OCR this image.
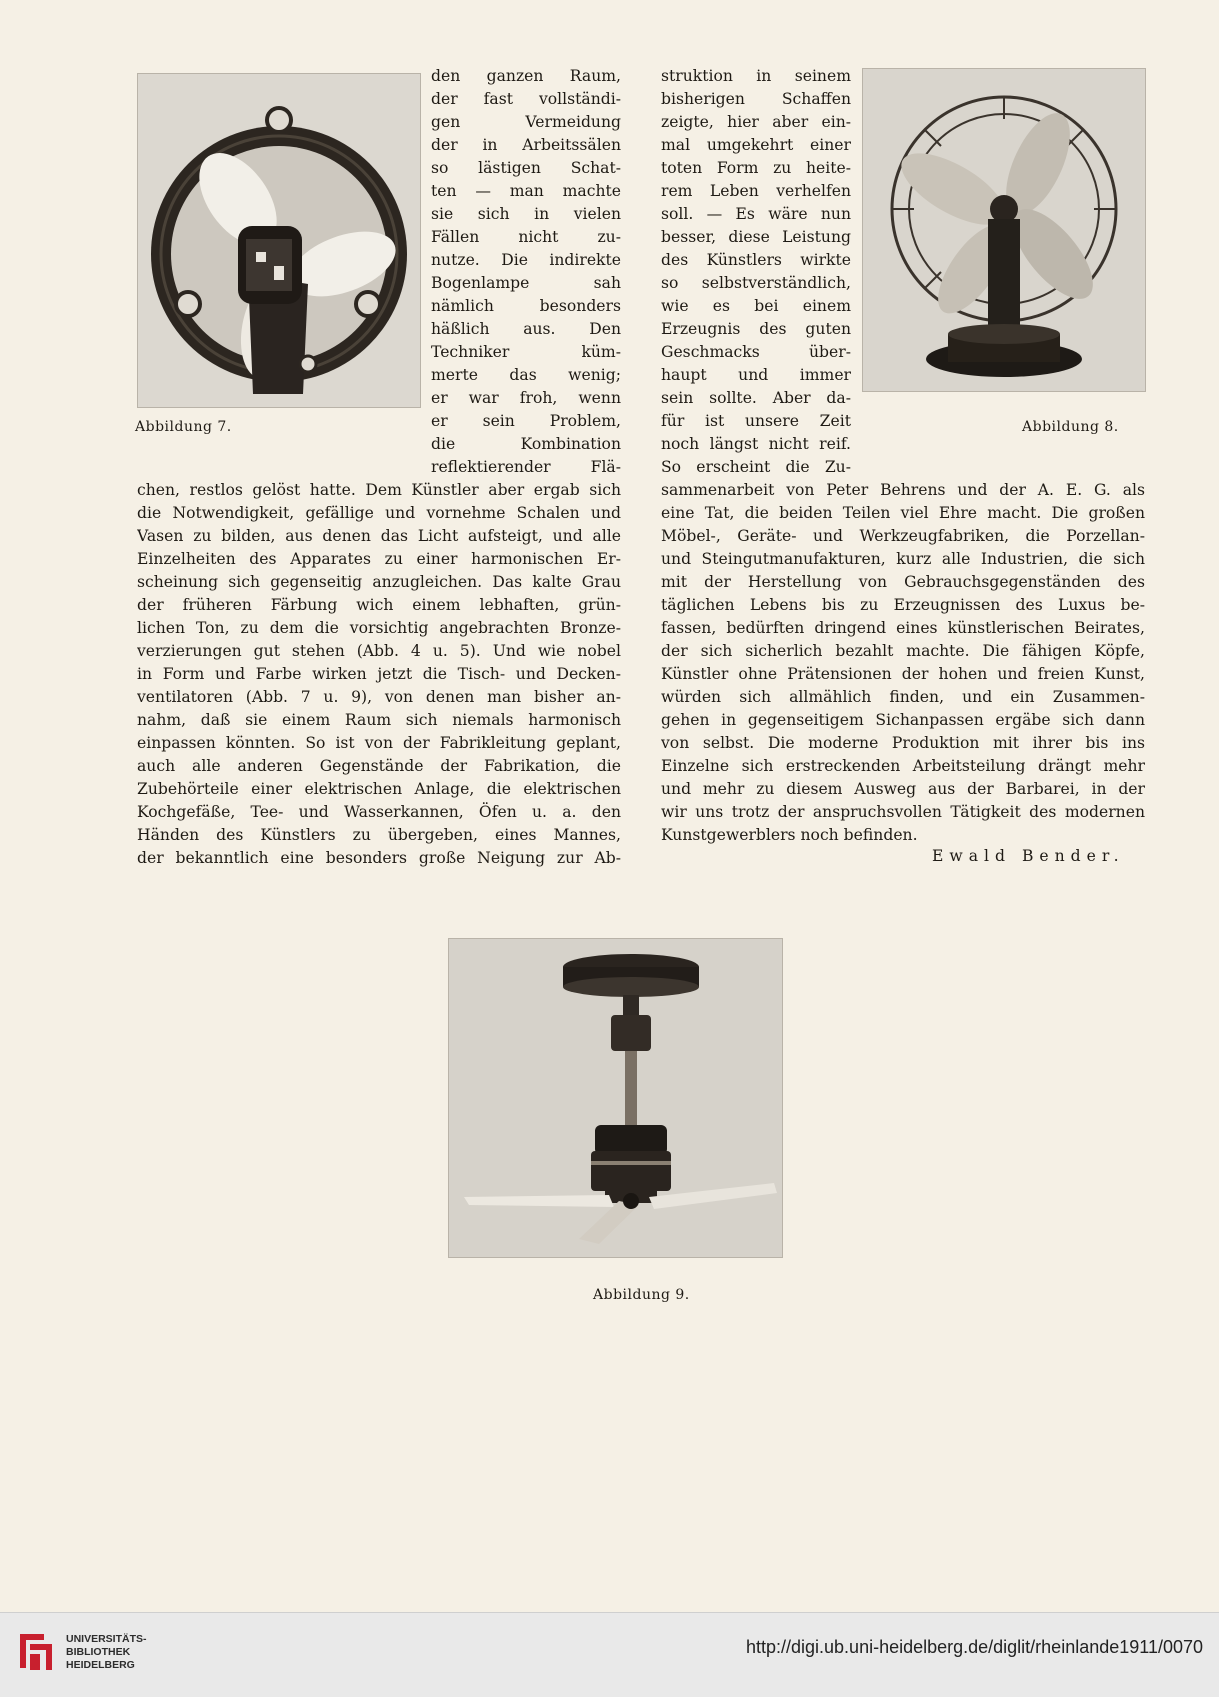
Abbildung 7.	Abbildung 8.
den ganzen Raum,
der fast vollständi-
gen Vermeidung
der in Arbeitssälen
so lästigen Schat-
ten — man machte
sie sich in vielen
Fällen nicht zu-
nutze. Die indirekte
Bogenlampe sah
nämlich besonders
häßlich aus. Den
Techniker küm-
merte das wenig;
er war froh, wenn
er sein Problem,
die Kombination
reflektierender Flä-
struktion in seinem
bisherigen Schaffen
zeigte, hier aber ein-
mal umgekehrt einer
toten Form zu heite-
rem Leben verhelfen
soll. — Es wäre nun
besser, diese Leistung
des Künstlers wirkte
so selbstverständlich,
wie es bei einem
Erzeugnis des guten
Geschmacks über-
haupt und immer
sein sollte. Aber da-
für ist unsere Zeit
noch längst nicht reif.
So erscheint die Zu-
chen, restlos gelöst hatte. Dem Künstler aber ergab sich
die Notwendigkeit, gefällige und vornehme Schalen und
Vasen zu bilden, aus denen das Licht aufsteigt, und alle
Einzelheiten des Apparates zu einer harmonischen Er-
scheinung sich gegenseitig anzugleichen. Das kalte Grau
der früheren Färbung wich einem lebhaften, grün-
lichen Ton, zu dem die vorsichtig angebrachten Bronze-
verzierungen gut stehen (Abb. 4 u. 5). Und wie nobel
in Form und Farbe wirken jetzt die Tisch- und Decken-
ventilatoren (Abb. 7 u. 9), von denen man bisher an-
nahm, daß sie einem Raum sich niemals harmonisch
einpassen könnten. So ist von der Fabrikleitung geplant,
auch alle anderen Gegenstände der Fabrikation, die
Zubehörteile einer elektrischen Anlage, die elektrischen
Kochgefäße, Tee- und Wasserkannen, Öfen u. a. den
Händen des Künstlers zu übergeben, eines Mannes,
der bekanntlich eine besonders große Neigung zur Ab-
sammenarbeit von Peter Behrens und der A. E. G. als
eine Tat, die beiden Teilen viel Ehre macht. Die großen
Möbel-, Geräte- und Werkzeugfabriken, die Porzellan-
und Steingutmanufakturen, kurz alle Industrien, die sich
mit der Herstellung von Gebrauchsgegenständen des
täglichen Lebens bis zu Erzeugnissen des Luxus be-
fassen, bedürften dringend eines künstlerischen Beirates,
der sich sicherlich bezahlt machte. Die fähigen Köpfe,
Künstler ohne Prätensionen der hohen und freien Kunst,
würden sich allmählich finden, und ein Zusammen-
gehen in gegenseitigem Sichanpassen ergäbe sich dann
von selbst. Die moderne Produktion mit ihrer bis ins
Einzelne sich erstreckenden Arbeitsteilung drängt mehr
und mehr zu diesem Ausweg aus der Barbarei, in der
wir uns trotz der anspruchsvollen Tätigkeit des modernen
Kunstgewerblers noch befinden.
Ewald Bender.
Abbildung 9.
UNIVERSITÄTS-
BIBLIOTHEK
HEIDELBERG
http://digi.ub.uni-heidelberg.de/diglit/rheinlande1911/0070
